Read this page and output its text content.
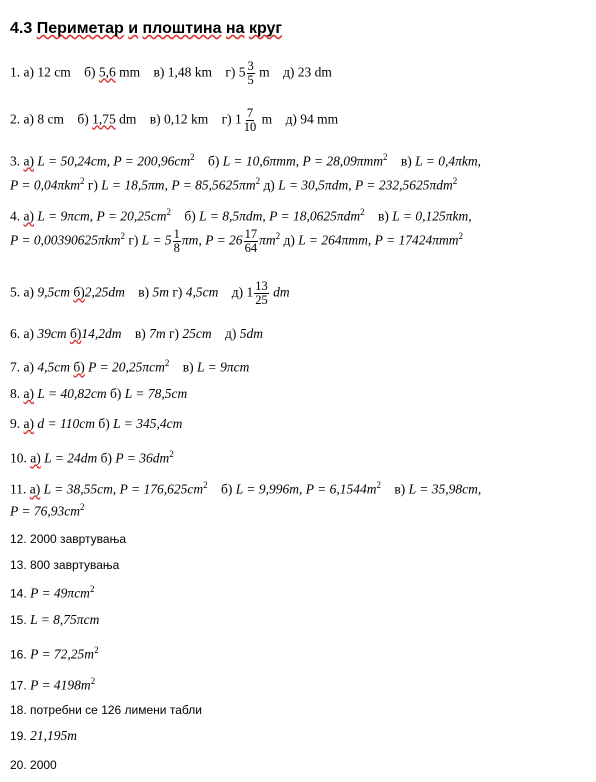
4.3 Периметар и плоштина на круг
1. а) 12 cm б) 5,6 mm в) 1,48 km г) $5 \frac{3}{5}$ m д) 23 dm
2. а) 8 cm б) 1,75 dm в) 0,12 km г) $1 \frac{7}{10}$ m д) 94 mm
3. а) L = 50,24cm, $P = 200,96cm^2$ б) L = 10,6πmm, P = 28,09πmm$^2$ в) L = 0,4πkm,
P = 0,04πkm$^2$ г) L = 18,5πm, $P = 85,5625\pi m^2$ д) L = 30,5πdm, P = 232,5625πdm$^2$
4. а) L = 9πcm, $P = 20,25cm^2$ б) L = 8,5πdm, P = 18,0625πdm$^2$ в) L = 0,125πkm,
P = 0,00390625πkm$^2$ г) $L = 5 \frac{1}{8} \pi m$, $P = 26 \frac{17}{64} \pi m^2$ д) L = 264πmm, P = 17424πmm$^2$
5. а) 9,5cm б)2,25dm в) 5m г) 4,5cm д) $1 \frac{13}{25}$ dm
6. а) 39cm б)14,2dm в) 7m г) 25cm д) 5dm
7. а) 4,5cm б) P = 20,25πcm$^2$ в) L = 9πcm
8. а) L = 40,82cm б) L = 78,5cm
9. а) d = 110cm б) L = 345,4cm
10. а) L = 24dm б) $P = 36dm^2$
11. а) L = 38,55cm, $P = 176,625cm^2$ б) L = 9,996m, $P = 6,1544m^2$ в) L = 35,98cm,
$P = 76,93cm^2$
12. 2000 завртувања
13. 800 завртувања
14. P = 49πcm$^2$
15. L = 8,75πcm
16. $P = 72,25m^2$
17. $P = 4198m^2$
18. потребни се 126 лимени табли
19. 21,195m
20. 2000
